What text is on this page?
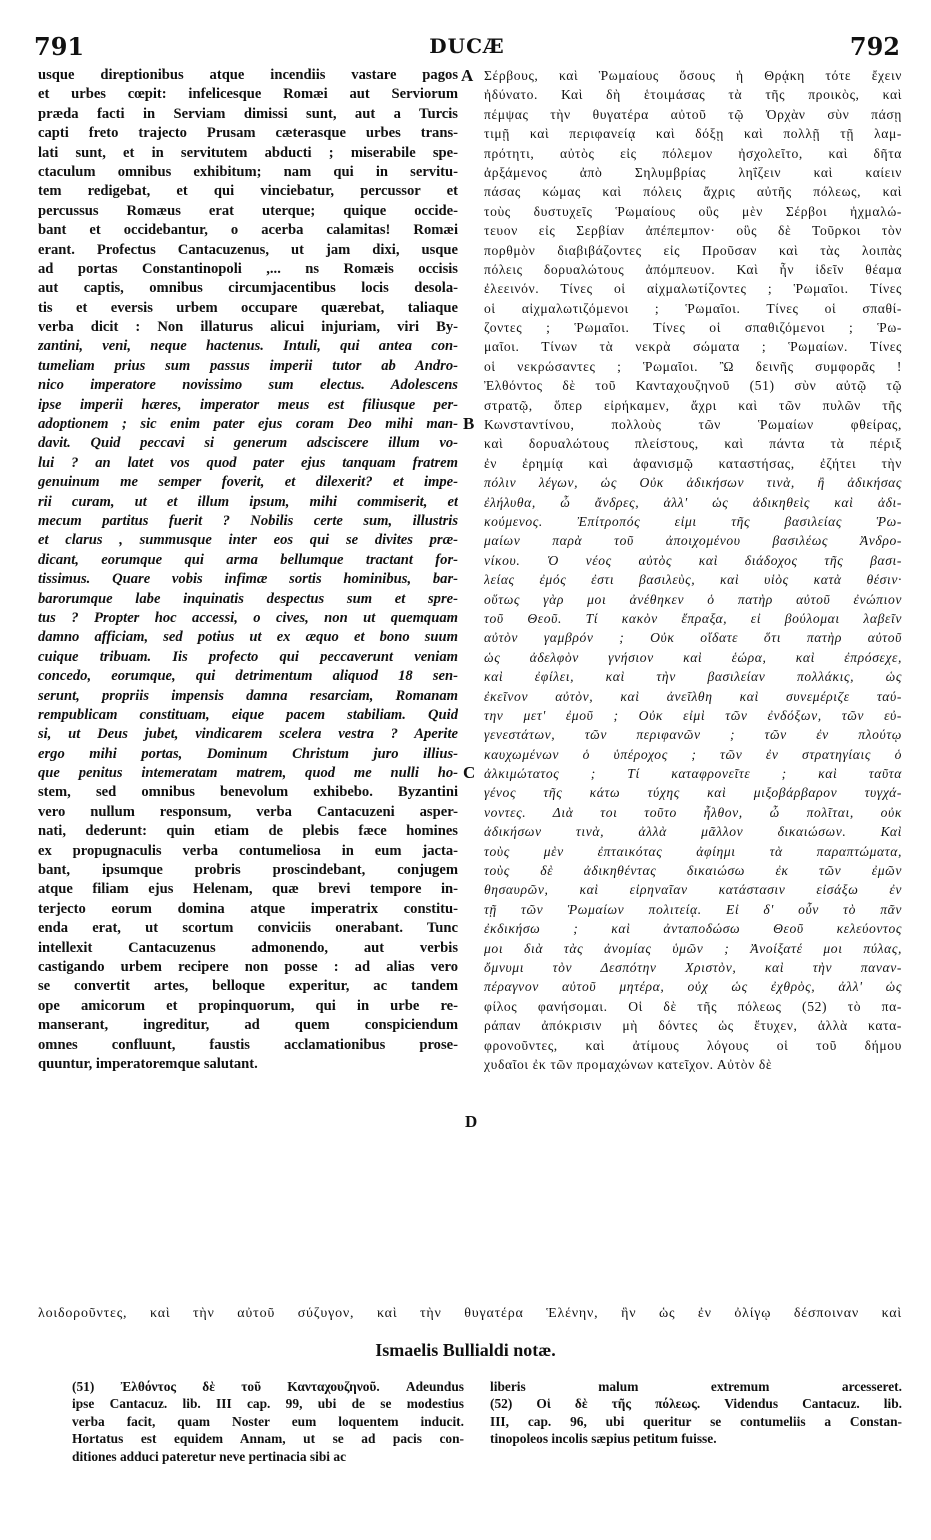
791	DUCÆ	792
usque direptionibus atque incendiis vastare pagos
et urbes cœpit: infelicesque Romæi aut Serviorum
præda facti in Serviam dimissi sunt, aut a Turcis
capti freto trajecto Prusam cæterasque urbes trans-
lati sunt, et in servitutem abducti ; miserabile spe-
ctaculum omnibus exhibitum; nam qui in servitu-
tem redigebat, et qui vinciebatur, percussor et
percussus Romæus erat uterque; quique occide-
bant et occidebantur, o acerba calamitas! Romæi
erant. Profectus Cantacuzenus, ut jam dixi, usque
ad portas Constantinopoli ,... ns Romæis occisis
aut captis, omnibus circumjacentibus locis desola-
tis et eversis urbem occupare quærebat, taliaque
verba dicit : Non illaturus alicui injuriam, viri By-
zantini, veni, neque hactenus. Intuli, qui antea con-
tumeliam prius sum passus imperii tutor ab Andro-
nico imperatore novissimo sum electus. Adolescens
ipse imperii hæres, imperator meus est filiusque per-
adoptionem ; sic enim pater ejus coram Deo mihi man-
davit. Quid peccavi si generum adsciscere illum vo-
lui ? an latet vos quod pater ejus tanquam fratrem
genuinum me semper foverit, et dilexerit? et impe-
rii curam, ut et illum ipsum, mihi commiserit, et
mecum partitus fuerit ? Nobilis certe sum, illustris
et clarus , summusque inter eos qui se divites præ-
dicant, eorumque qui arma bellumque tractant for-
tissimus. Quare vobis infimæ sortis hominibus, bar-
barorumque labe inquinatis despectus sum et spre-
tus ? Propter hoc accessi, o cives, non ut quemquam
damno afficiam, sed potius ut ex æquo et bono suum
cuique tribuam. Iis profecto qui peccaverunt veniam
concedo, eorumque, qui detrimentum aliquod 18 sen-
serunt, propriis impensis damna resarciam, Romanam
rempublicam constituam, eique pacem stabiliam. Quid
si, ut Deus jubet, vindicarem scelera vestra ? Aperite
ergo mihi portas, Dominum Christum juro illius-
que penitus intemeratam matrem, quod me nulli ho-
stem, sed omnibus benevolum exhibebo. Byzantini
vero nullum responsum, verba Cantacuzeni asper-
nati, dederunt: quin etiam de plebis fæce homines
ex propugnaculis verba contumeliosa in eum jacta-
bant, ipsumque probris proscindebant, conjugem
atque filiam ejus Helenam, quæ brevi tempore in-
terjecto eorum domina atque imperatrix constitu-
enda erat, ut scortum conviciis onerabant. Tunc
intellexit Cantacuzenus admonendo, aut verbis
castigando urbem recipere non posse : ad alias vero
se convertit artes, belloque experitur, ac tandem
ope amicorum et propinquorum, qui in urbe re-
manserant, ingreditur, ad quem conspiciendum
omnes confluunt, faustis acclamationibus prose-
quuntur, imperatoremque salutant.
Σέρβους, καὶ Ῥωμαίους ὅσους ἡ Θρᾴκη τότε ἔχειν
ἠδύνατο. Καὶ δὴ ἑτοιμάσας τὰ τῆς προικὸς, καὶ
πέμψας τὴν θυγατέρα αὐτοῦ τῷ Ὀρχὰν σὺν πάσῃ
τιμῇ καὶ περιφανείᾳ καὶ δόξῃ καὶ πολλῇ τῇ λαμ-
πρότητι, αὐτὸς εἰς πόλεμον ἠσχολεῖτο, καὶ δῆτα
ἀρξάμενος ἀπὸ Σηλυμβρίας ληΐζειν καὶ καίειν
πάσας κώμας καὶ πόλεις ἄχρις αὐτῆς πόλεως, καὶ
τοὺς δυστυχεῖς Ῥωμαίους οὓς μὲν Σέρβοι ἠχμαλώ-
τευον εἰς Σερβίαν ἀπέπεμπον· οὓς δὲ Τοῦρκοι τὸν
πορθμὸν διαβιβάζοντες εἰς Προῦσαν καὶ τὰς λοιπὰς
πόλεις δορυαλώτους ἀπόμπευον. Καὶ ἦν ἰδεῖν θέαμα
ἐλεεινόν. Τίνες οἱ αἰχμαλωτίζοντες ; Ῥωμαῖοι. Τίνες
οἱ αἰχμαλωτιζόμενοι ; Ῥωμαῖοι. Τίνες οἱ σπαθί-
ζοντες ; Ῥωμαῖοι. Τίνες οἱ σπαθιζόμενοι ; Ῥω-
μαῖοι. Τίνων τὰ νεκρὰ σώματα ; Ῥωμαίων. Τίνες
οἱ νεκρώσαντες ; Ῥωμαῖοι. Ὢ δεινῆς συμφορᾶς !
Ἐλθόντος δὲ τοῦ Κανταχουζηνοῦ (51) σὺν αὐτῷ τῷ
στρατῷ, ὅπερ εἰρήκαμεν, ἄχρι καὶ τῶν πυλῶν τῆς
Κωνσταντίνου, πολλοὺς τῶν Ῥωμαίων φθείρας,
καὶ δορυαλώτους πλείστους, καὶ πάντα τὰ πέριξ
ἐν ἐρημίᾳ καὶ ἀφανισμῷ καταστήσας, ἐζήτει τὴν
πόλιν λέγων, ὡς Οὐκ ἀδικήσων τινὰ, ἢ ἀδικήσας
ἐλήλυθα, ὦ ἄνδρες, ἀλλ' ὡς ἀδικηθεὶς καὶ ἀδι-
κούμενος. Ἐπίτροπός εἰμι τῆς βασιλείας Ῥω-
μαίων παρὰ τοῦ ἀποιχομένου βασιλέως Ἀνδρο-
νίκου. Ὁ νέος αὐτὸς καὶ διάδοχος τῆς βασι-
λείας ἐμός ἐστι βασιλεὺς, καὶ υἱὸς κατὰ θέσιν·
οὕτως γὰρ μοι ἀνέθηκεν ὁ πατὴρ αὐτοῦ ἐνώπιον
τοῦ Θεοῦ. Τί κακὸν ἔπραξα, εἰ βούλομαι λαβεῖν
αὐτὸν γαμβρόν ; Οὐκ οἴδατε ὅτι πατὴρ αὐτοῦ
ὡς ἀδελφὸν γνήσιον καὶ ἑώρα, καὶ ἐπρόσεχε,
καὶ ἐφίλει, καὶ τὴν βασιλείαν πολλάκις, ὡς
ἐκεῖνον αὐτὸν, καὶ ἀνεῖλθη καὶ συνεμέριζε ταύ-
την μετ' ἐμοῦ ; Οὐκ εἰμὶ τῶν ἐνδόξων, τῶν εὐ-
γενεστάτων, τῶν περιφανῶν ; τῶν ἐν πλούτῳ
καυχωμένων ὁ ὑπέροχος ; τῶν ἐν στρατηγίαις ὁ
ἀλκιμώτατος ; Τί καταφρονεῖτε ; καὶ ταῦτα
γένος τῆς κάτω τύχης καὶ μιξοβάρβαρον τυγχά-
νοντες. Διὰ τοι τοῦτο ἦλθον, ὦ πολῖται, οὐκ
ἀδικήσων τινὰ, ἀλλὰ μᾶλλον δικαιώσων. Καὶ
τοὺς μὲν ἐπταικότας ἀφίημι τὰ παραπτώματα,
τοὺς δὲ ἀδικηθέντας δικαιώσω ἐκ τῶν ἐμῶν
θησαυρῶν, καὶ εἰρηναῖαν κατάστασιν εἰσάξω ἐν
τῇ τῶν Ῥωμαίων πολιτείᾳ. Εἰ δ' οὖν τὸ πᾶν
ἐκδικήσω ; καὶ ἀνταποδώσω Θεοῦ κελεύοντος
μοι διὰ τὰς ἀνομίας ὑμῶν ; Ἀνοίξατέ μοι πύλας,
ὄμνυμι τὸν Δεσπότην Χριστὸν, καὶ τὴν παναν-
πέραγνον αὐτοῦ μητέρα, οὐχ ὡς ἐχθρὸς, ἀλλ' ὡς
φίλος φανήσομαι. Οἱ δὲ τῆς πόλεως (52) τὸ πα-
ράπαν ἀπόκρισιν μὴ δόντες ὡς ἔτυχεν, ἀλλὰ κατα-
φρονοῦντες, καὶ ἀτίμους λόγους οἱ τοῦ δήμου
χυδαῖοι ἐκ τῶν προμαχώνων κατεῖχον. Αὐτὸν δὲ
A
B
C
D
λοιδοροῦντες, καὶ τὴν αὐτοῦ σύζυγον, καὶ τὴν θυγατέρα Ἑλένην, ἣν ὡς ἐν ὀλίγῳ δέσποιναν καὶ
Ismaelis Bullialdi notæ.
(51) Ἐλθόντος δὲ τοῦ Κανταχουζηνοῦ. Adeundus
ipse Cantacuz. lib. III cap. 99, ubi de se modestius
verba facit, quam Noster eum loquentem inducit.
Hortatus est equidem Annam, ut se ad pacis con-
ditiones adduci pateretur neve pertinacia sibi ac
liberis malum extremum arcesseret.
(52) Οἱ δὲ τῆς πόλεως. Videndus Cantacuz. lib.
III, cap. 96, ubi queritur se contumeliis a Constan-
tinopoleos incolis sæpius petitum fuisse.
